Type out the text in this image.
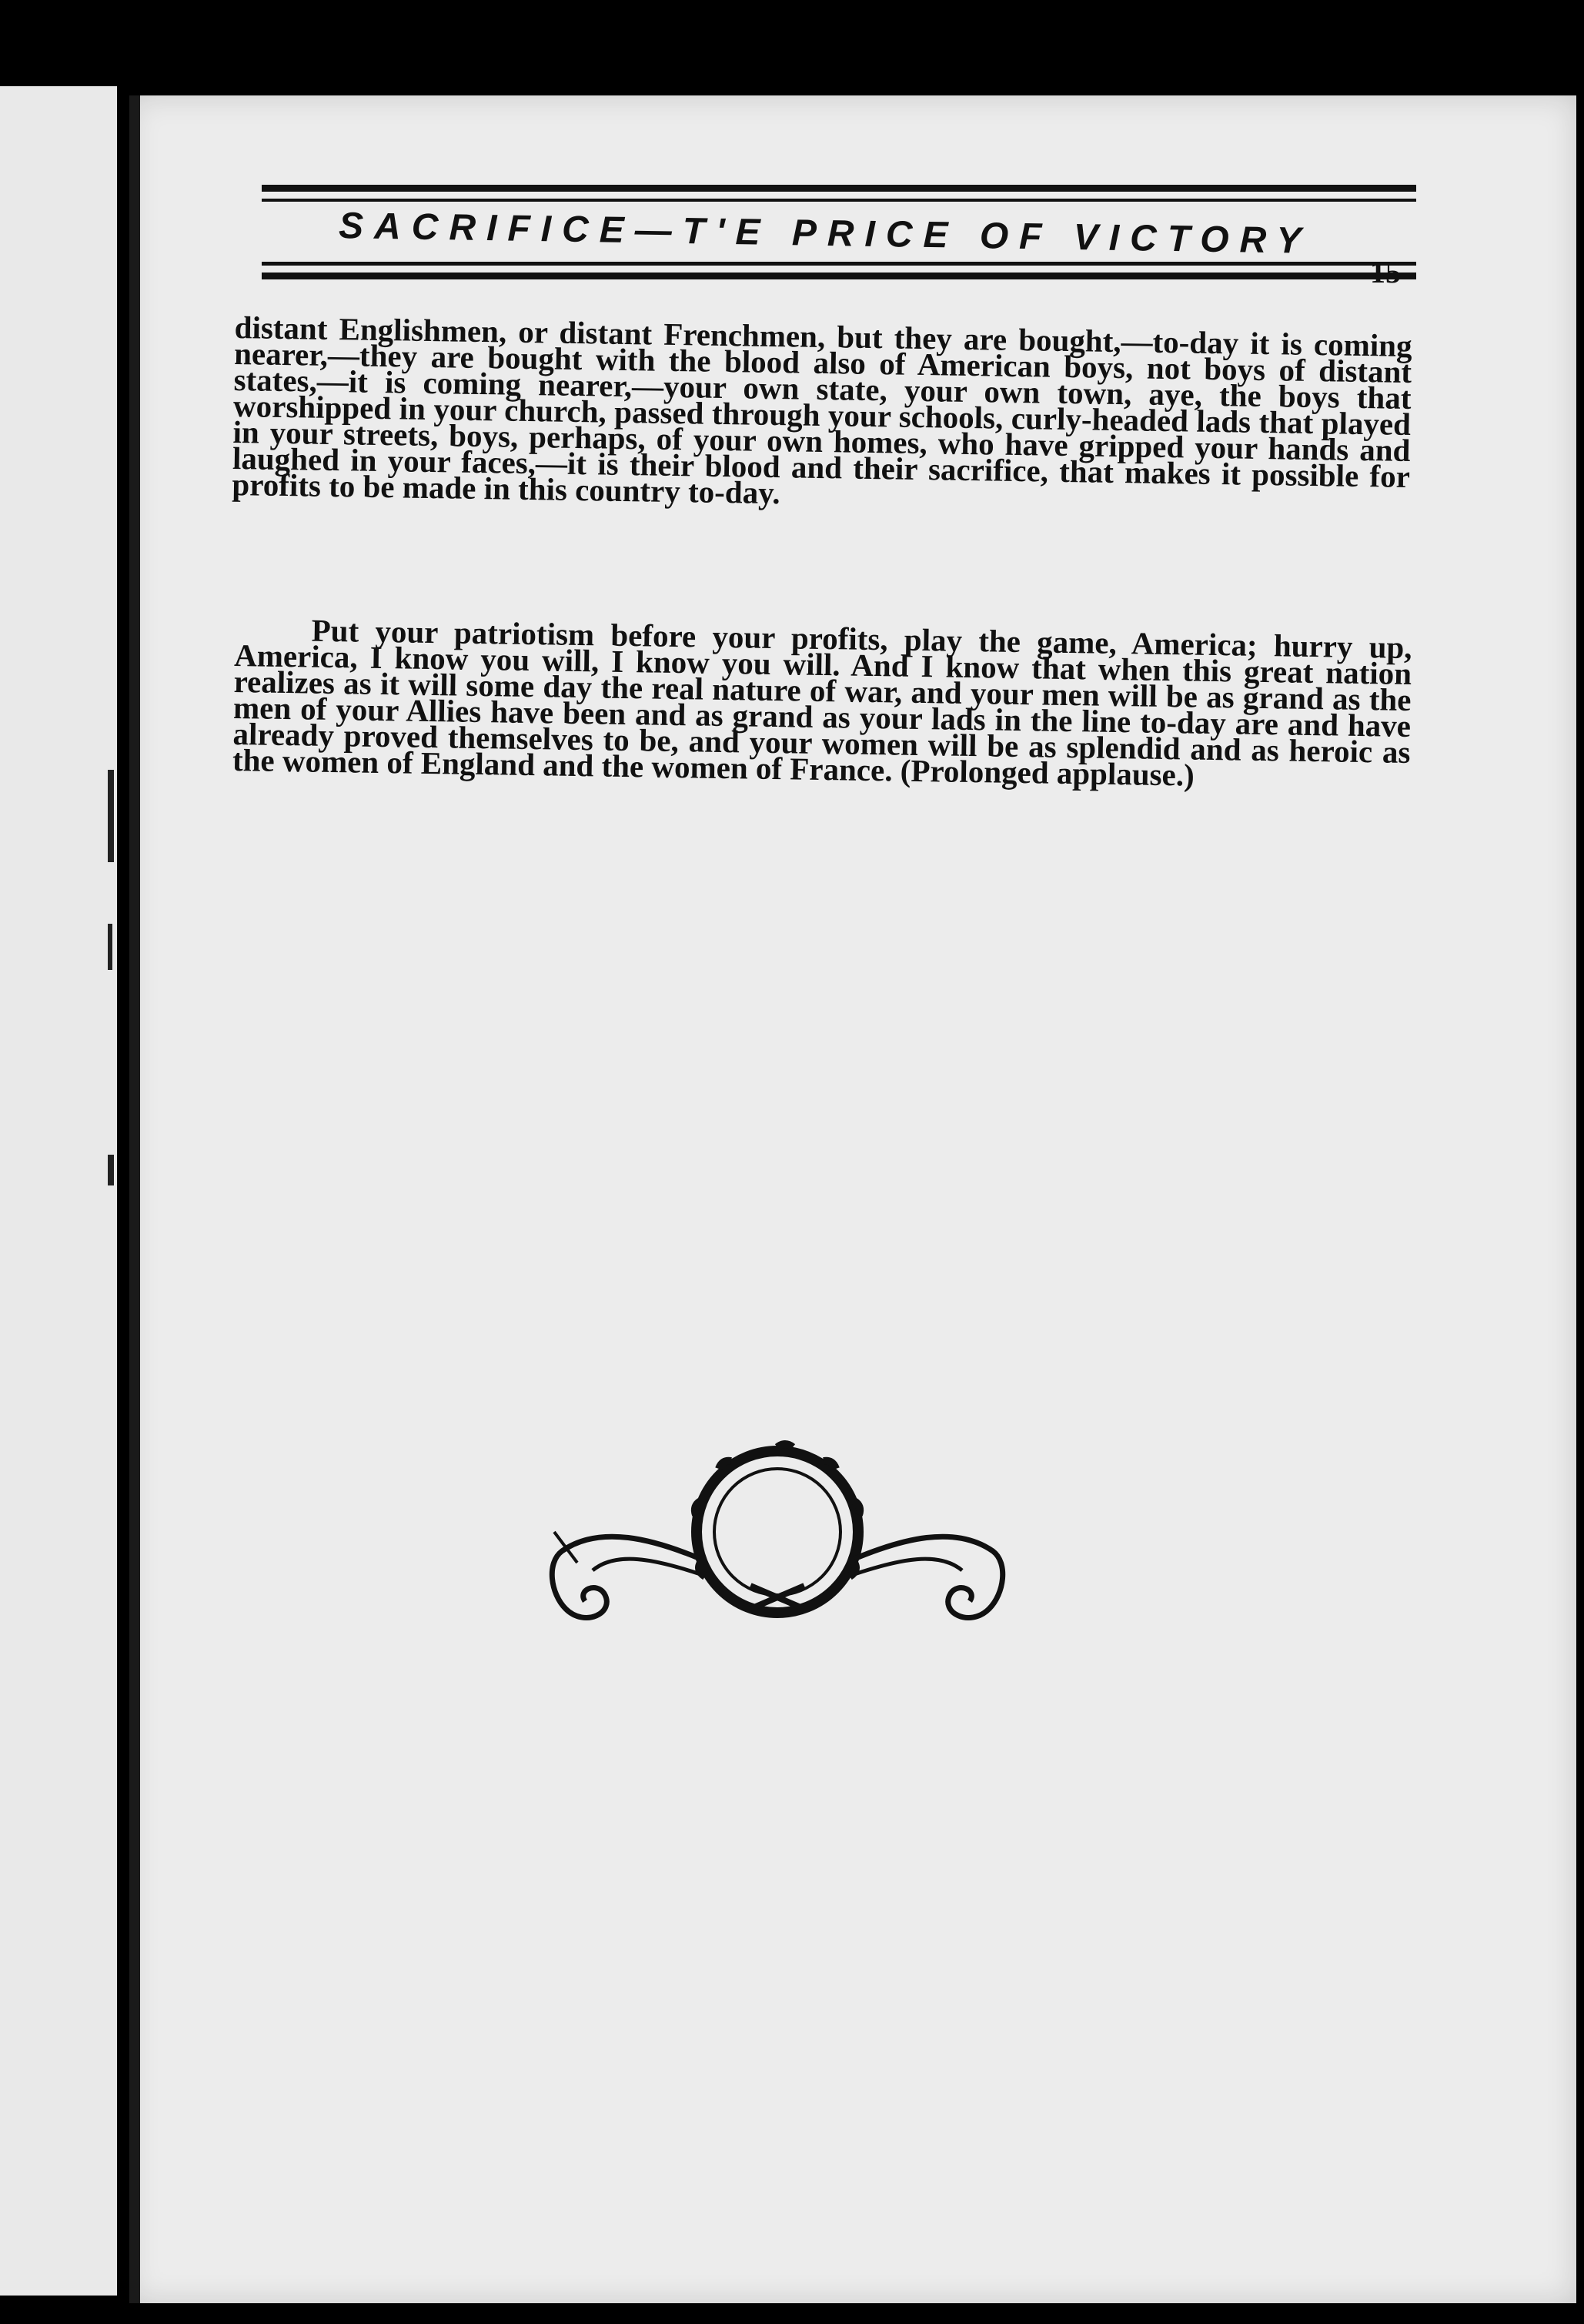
SACRIFICE—T'E PRICE OF VICTORY
15
distant Englishmen, or distant Frenchmen, but they are bought,—to-day it is coming nearer,—they are bought with the blood also of American boys, not boys of distant states,—it is coming nearer,—your own state, your own town, aye, the boys that worshipped in your church, passed through your schools, curly-headed lads that played in your streets, boys, perhaps, of your own homes, who have gripped your hands and laughed in your faces,—it is their blood and their sacrifice, that makes it possible for profits to be made in this country to-day.
Put your patriotism before your profits, play the game, America; hurry up, America, I know you will, I know you will. And I know that when this great nation realizes as it will some day the real nature of war, and your men will be as grand as the men of your Allies have been and as grand as your lads in the line to-day are and have already proved themselves to be, and your women will be as splendid and as heroic as the women of England and the women of France. (Prolonged applause.)
